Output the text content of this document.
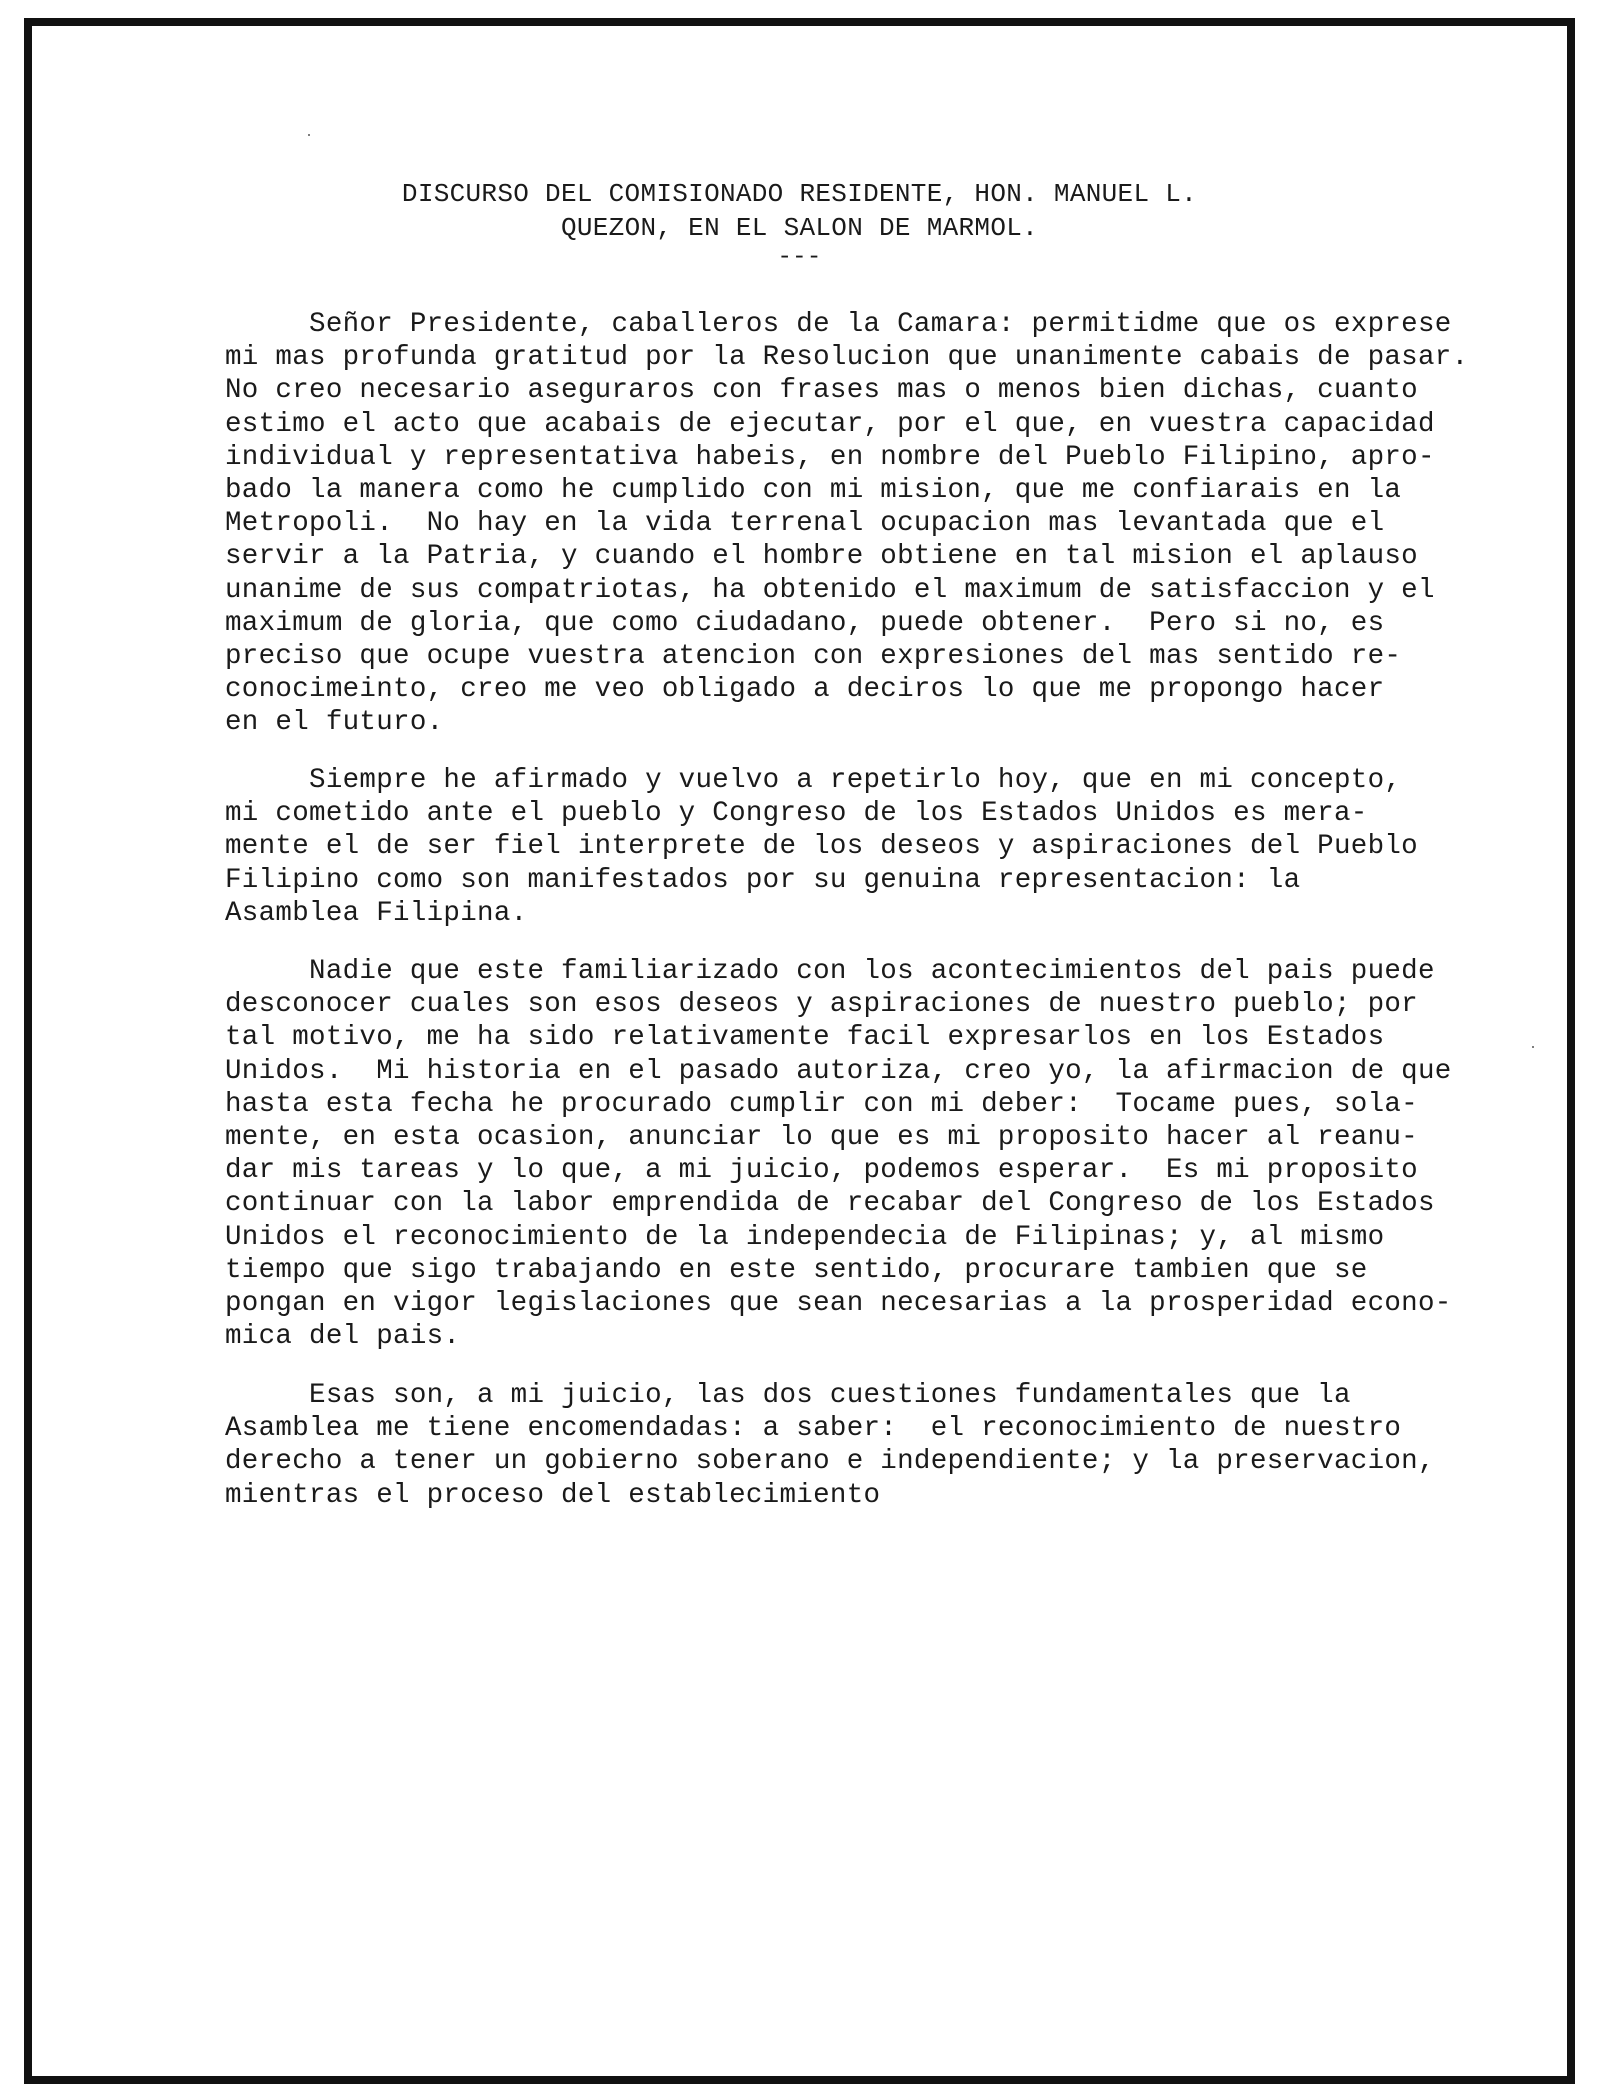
DISCURSO DEL COMISIONADO RESIDENTE, HON. MANUEL L.
QUEZON, EN EL SALON DE MARMOL.
---
Señor Presidente, caballeros de la Camara: permitidme que os exprese
mi mas profunda gratitud por la Resolucion que unanimente cabais de pasar.
No creo necesario aseguraros con frases mas o menos bien dichas, cuanto
estimo el acto que acabais de ejecutar, por el que, en vuestra capacidad
individual y representativa habeis, en nombre del Pueblo Filipino, apro-
bado la manera como he cumplido con mi mision, que me confiarais en la
Metropoli.  No hay en la vida terrenal ocupacion mas levantada que el
servir a la Patria, y cuando el hombre obtiene en tal mision el aplauso
unanime de sus compatriotas, ha obtenido el maximum de satisfaccion y el
maximum de gloria, que como ciudadano, puede obtener.  Pero si no, es
preciso que ocupe vuestra atencion con expresiones del mas sentido re-
conocimeinto, creo me veo obligado a deciros lo que me propongo hacer
en el futuro.
Siempre he afirmado y vuelvo a repetirlo hoy, que en mi concepto,
mi cometido ante el pueblo y Congreso de los Estados Unidos es mera-
mente el de ser fiel interprete de los deseos y aspiraciones del Pueblo
Filipino como son manifestados por su genuina representacion: la
Asamblea Filipina.
Nadie que este familiarizado con los acontecimientos del pais puede
desconocer cuales son esos deseos y aspiraciones de nuestro pueblo; por
tal motivo, me ha sido relativamente facil expresarlos en los Estados
Unidos.  Mi historia en el pasado autoriza, creo yo, la afirmacion de que
hasta esta fecha he procurado cumplir con mi deber:  Tocame pues, sola-
mente, en esta ocasion, anunciar lo que es mi proposito hacer al reanu-
dar mis tareas y lo que, a mi juicio, podemos esperar.  Es mi proposito
continuar con la labor emprendida de recabar del Congreso de los Estados
Unidos el reconocimiento de la independecia de Filipinas; y, al mismo
tiempo que sigo trabajando en este sentido, procurare tambien que se
pongan en vigor legislaciones que sean necesarias a la prosperidad econo-
mica del pais.
Esas son, a mi juicio, las dos cuestiones fundamentales que la
Asamblea me tiene encomendadas: a saber:  el reconocimiento de nuestro
derecho a tener un gobierno soberano e independiente; y la preservacion,
mientras el proceso del establecimiento
